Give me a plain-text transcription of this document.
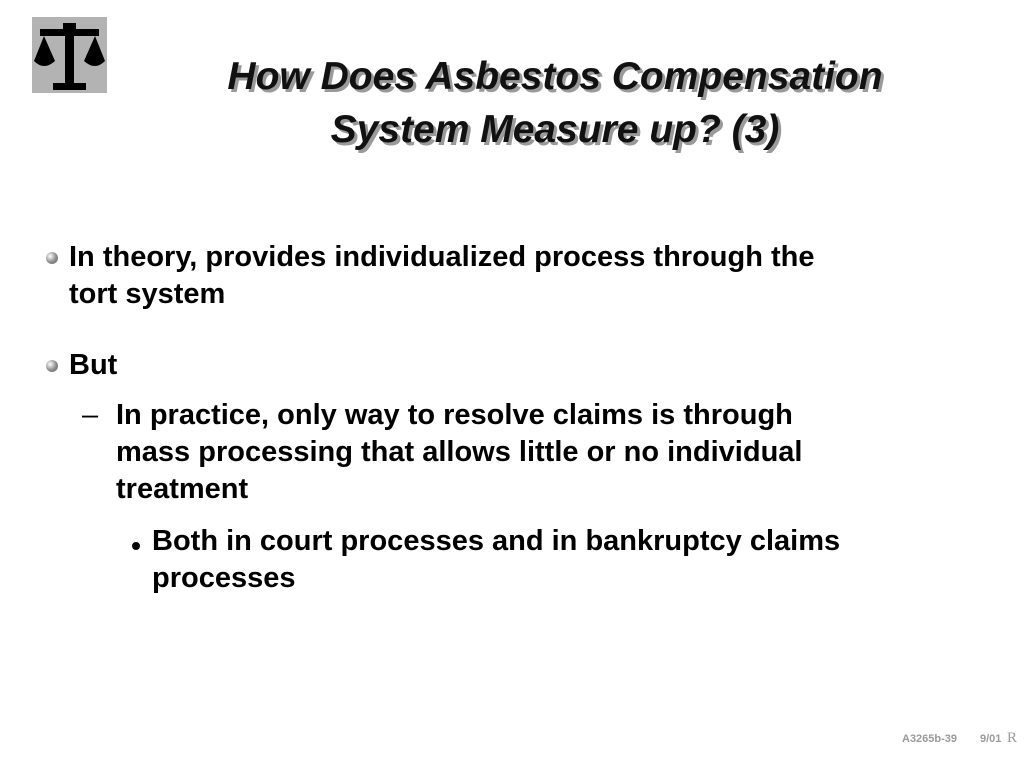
How Does Asbestos Compensation
System Measure up? (3)
In theory, provides individualized process through the
tort system
But
– In practice, only way to resolve claims is through
mass processing that allows little or no individual
treatment
Both in court processes and in bankruptcy claims
processes
A3265b-39 9/01 R
